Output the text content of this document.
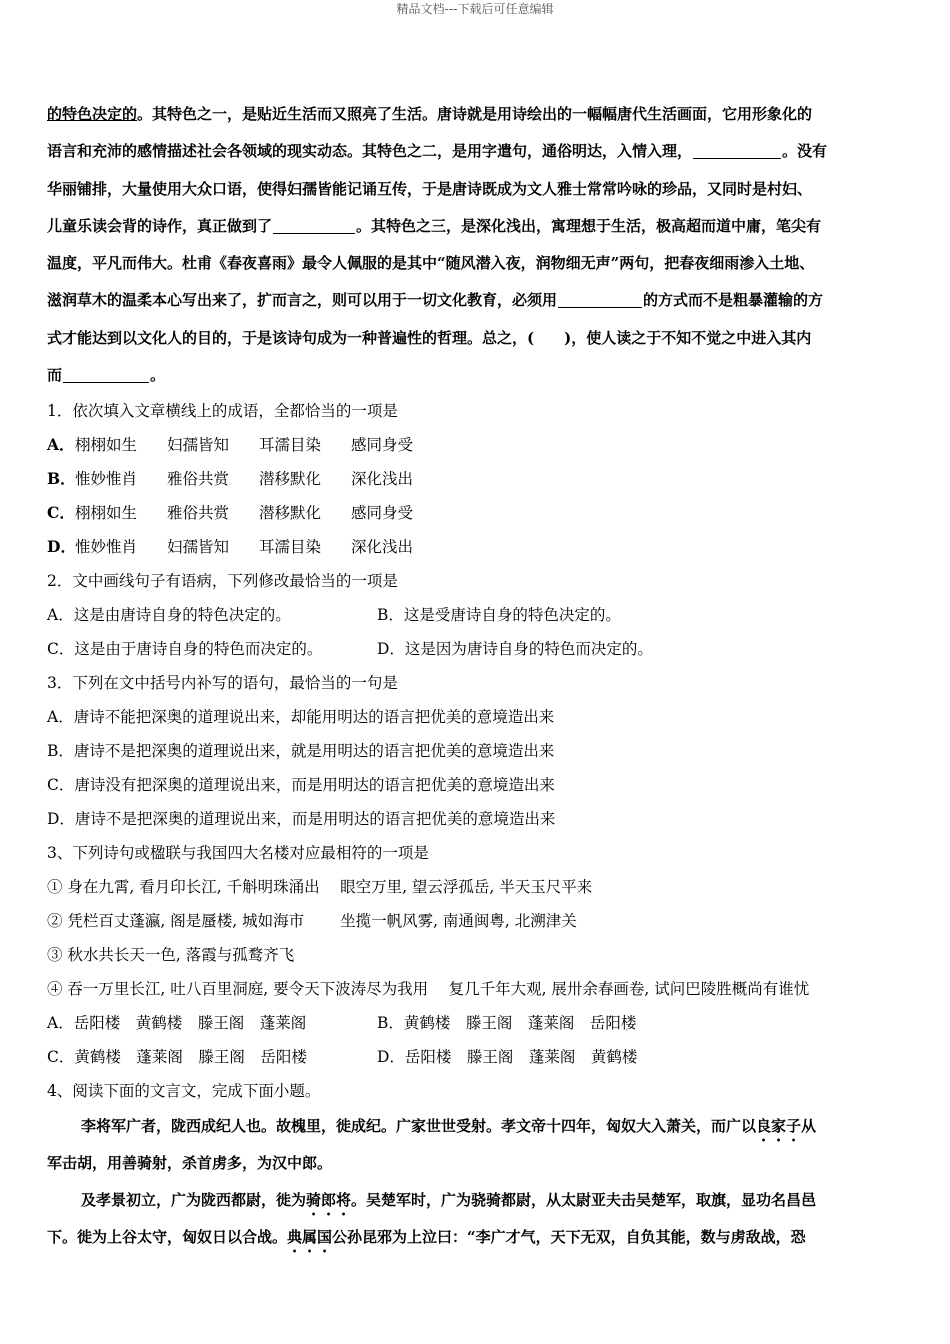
精品文档---下载后可任意编辑

的特色决定的。其特色之一，是贴近生活而又照亮了生活。唐诗就是用诗绘出的一幅幅唐代生活画面，它用形象化的

语言和充沛的感情描述社会各领域的现实动态。其特色之二，是用字遣句，通俗明达，入情入理，	。没有

华丽铺排，大量使用大众口语，使得妇孺皆能记诵互传，于是唐诗既成为文人雅士常常吟咏的珍品，又同时是村妇、

儿童乐读会背的诗作，真正做到了	。其特色之三，是深化浅出，寓理想于生活，极高超而道中庸，笔尖有

温度，平凡而伟大。杜甫《春夜喜雨》最令人佩服的是其中“随风潜入夜，润物细无声”两句，把春夜细雨渗入土地、

滋润草木的温柔本心写出来了，扩而言之，则可以用于一切文化教育，必须用	的方式而不是粗暴灌输的方

式才能达到以文化人的目的，于是该诗句成为一种普遍性的哲理。总之，(　　)，使人读之于不知不觉之中进入其内

而	。

1．依次填入文章横线上的成语，全都恰当的一项是

A．栩栩如生 妇孺皆知 耳濡目染 感同身受

B．惟妙惟肖 雅俗共赏 潜移默化 深化浅出

C．栩栩如生 雅俗共赏 潜移默化 感同身受

D．惟妙惟肖 妇孺皆知 耳濡目染 深化浅出

2．文中画线句子有语病，下列修改最恰当的一项是

A．这是由唐诗自身的特色决定的。	B．这是受唐诗自身的特色决定的。
C．这是由于唐诗自身的特色而决定的。	D．这是因为唐诗自身的特色而决定的。

3．下列在文中括号内补写的语句，最恰当的一句是

A．唐诗不能把深奥的道理说出来，却能用明达的语言把优美的意境造出来

B．唐诗不是把深奥的道理说出来，就是用明达的语言把优美的意境造出来

C．唐诗没有把深奥的道理说出来，而是用明达的语言把优美的意境造出来

D．唐诗不是把深奥的道理说出来，而是用明达的语言把优美的意境造出来

3、下列诗句或楹联与我国四大名楼对应最相符的一项是

① 身在九霄, 看月印长江, 千斛明珠涌出　 眼空万里, 望云浮孤岳, 半天玉尺平来

② 凭栏百丈蓬瀛, 阁是蜃楼, 城如海市　　 坐揽一帆风雾, 南通闽粤, 北溯津关

③ 秋水共长天一色, 落霞与孤鹜齐飞

④ 吞一万里长江, 吐八百里洞庭, 要令天下波涛尽为我用　 复几千年大观, 展卅余春画卷, 试问巴陵胜概尚有谁忧

A．岳阳楼　黄鹤楼　滕王阁　蓬莱阁	B．黄鹤楼　滕王阁　蓬莱阁　岳阳楼
C．黄鹤楼　蓬莱阁　滕王阁　岳阳楼	D．岳阳楼　滕王阁　蓬莱阁　黄鹤楼

4、阅读下面的文言文，完成下面小题。

李将军广者，陇西成纪人也。故槐里，徙成纪。广家世世受射。孝文帝十四年，匈奴大入萧关，而广以良家子从

军击胡，用善骑射，杀首虏多，为汉中郎。

及孝景初立，广为陇西都尉，徙为骑郎将。吴楚军时，广为骁骑都尉，从太尉亚夫击吴楚军，取旗，显功名昌邑

下。徙为上谷太守，匈奴日以合战。典属国公孙昆邪为上泣曰：“李广才气，天下无双，自负其能，数与虏敌战，恐
